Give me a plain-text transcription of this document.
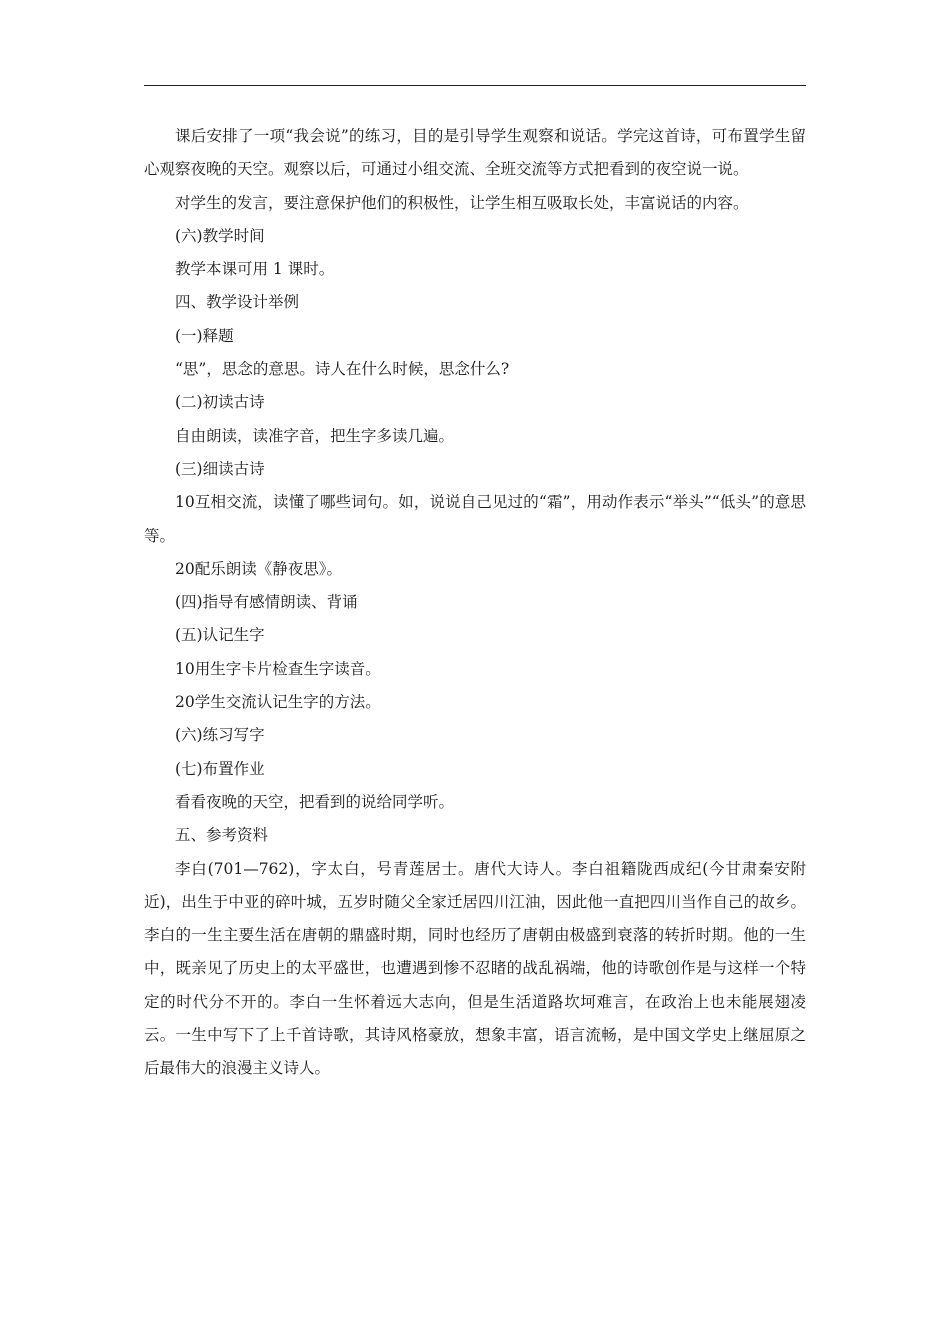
课后安排了一项“我会说”的练习，目的是引导学生观察和说话。学完这首诗，可布置学生留心观察夜晚的天空。观察以后，可通过小组交流、全班交流等方式把看到的夜空说一说。

对学生的发言，要注意保护他们的积极性，让学生相互吸取长处，丰富说话的内容。

(六)教学时间

教学本课可用 1 课时。

四、教学设计举例

(一)释题

“思”，思念的意思。诗人在什么时候，思念什么?

(二)初读古诗

自由朗读，读准字音，把生字多读几遍。

(三)细读古诗

10互相交流，读懂了哪些词句。如，说说自己见过的“霜”，用动作表示“举头”“低头”的意思等。

20配乐朗读《静夜思》。

(四)指导有感情朗读、背诵

(五)认记生字

10用生字卡片检查生字读音。

20学生交流认记生字的方法。

(六)练习写字

(七)布置作业

看看夜晚的天空，把看到的说给同学听。

五、参考资料

李白(701—762)，字太白，号青莲居士。唐代大诗人。李白祖籍陇西成纪(今甘肃秦安附近)，出生于中亚的碎叶城，五岁时随父全家迁居四川江油，因此他一直把四川当作自己的故乡。李白的一生主要生活在唐朝的鼎盛时期，同时也经历了唐朝由极盛到衰落的转折时期。他的一生中，既亲见了历史上的太平盛世，也遭遇到惨不忍睹的战乱祸端，他的诗歌创作是与这样一个特定的时代分不开的。李白一生怀着远大志向，但是生活道路坎坷难言，在政治上也未能展翅凌云。一生中写下了上千首诗歌，其诗风格豪放，想象丰富，语言流畅，是中国文学史上继屈原之后最伟大的浪漫主义诗人。
